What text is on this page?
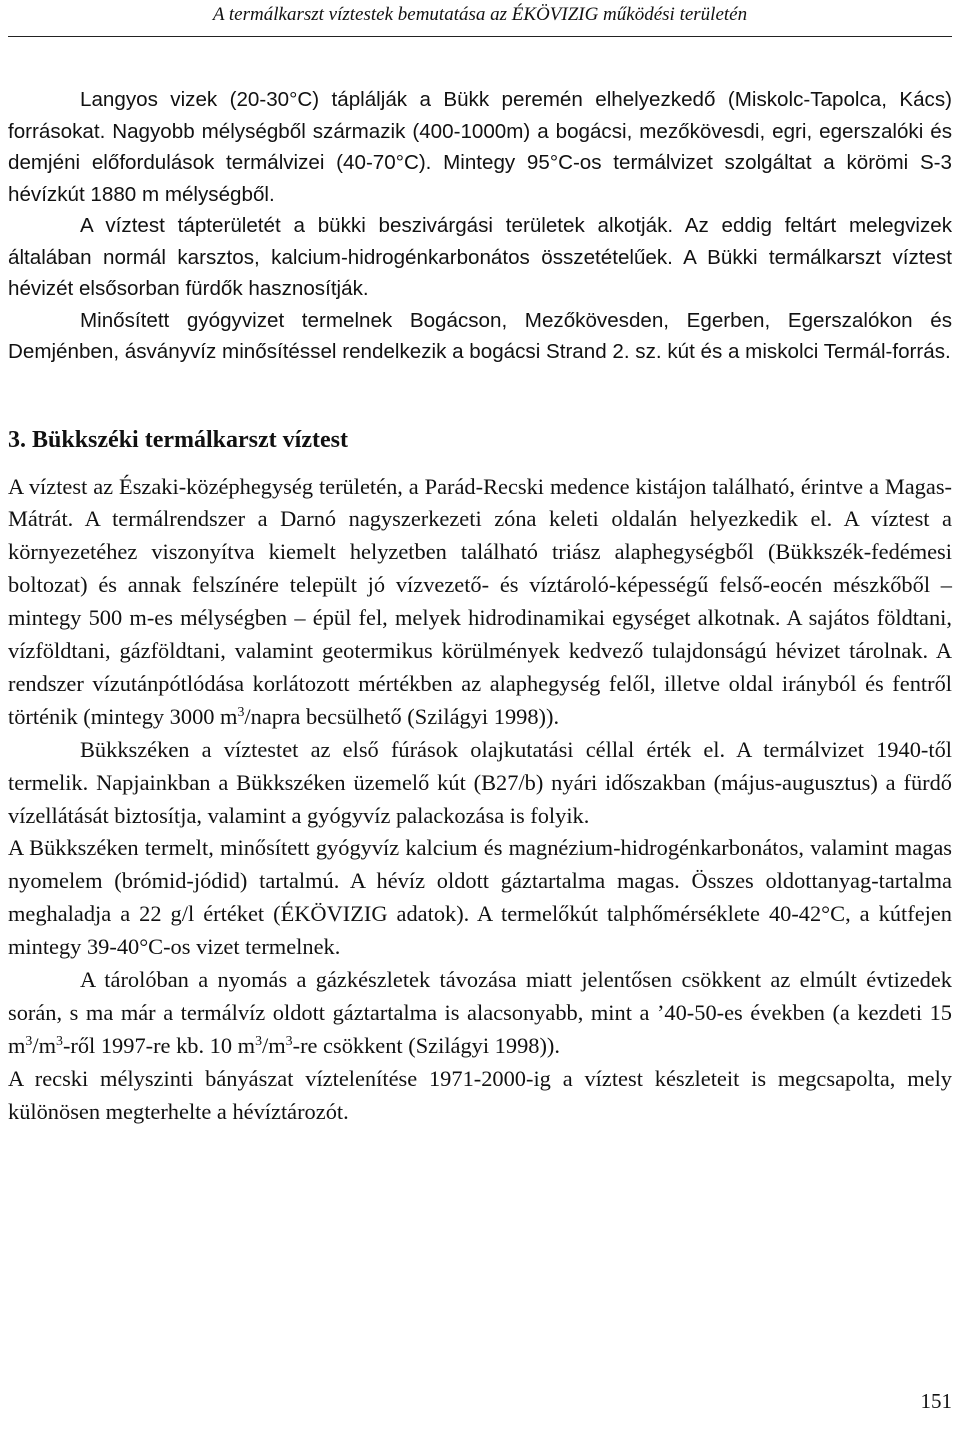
A termálkarszt víztestek bemutatása az ÉKÖVIZIG működési területén

Langyos vizek (20-30°C) táplálják a Bükk peremén elhelyezkedő (Miskolc-Tapolca, Kács) forrásokat. Nagyobb mélységből származik (400-1000m) a bogácsi, mezőkövesdi, egri, egerszalóki és demjéni előfordulások termálvizei (40-70°C). Mintegy 95°C-os termálvizet szolgáltat a körömi S-3 hévízkút 1880 m mélységből.

A víztest tápterületét a bükki beszivárgási területek alkotják. Az eddig feltárt melegvizek általában normál karsztos, kalcium-hidrogénkarbonátos összetételűek. A Bükki termálkarszt víztest hévizét elsősorban fürdők hasznosítják.

Minősített gyógyvizet termelnek Bogácson, Mezőkövesden, Egerben, Egerszalókon és Demjénben, ásványvíz minősítéssel rendelkezik a bogácsi Strand 2. sz. kút és a miskolci Termál-forrás.

3. Bükkszéki termálkarszt víztest

A víztest az Északi-középhegység területén, a Parád-Recski medence kistájon található, érintve a Magas-Mátrát. A termálrendszer a Darnó nagyszerkezeti zóna keleti oldalán helyezkedik el. A víztest a környezetéhez viszonyítva kiemelt helyzetben található triász alaphegységből (Bükkszék-fedémesi boltozat) és annak felszínére települt jó vízvezető- és víztároló-képességű felső-eocén mészkőből – mintegy 500 m-es mélységben – épül fel, melyek hidrodinamikai egységet alkotnak. A sajátos földtani, vízföldtani, gázföldtani, valamint geotermikus körülmények kedvező tulajdonságú hévizet tárolnak. A rendszer vízutánpótlódása korlátozott mértékben az alaphegység felől, illetve oldal irányból és fentről történik (mintegy 3000 $m^3$/napra becsülhető (Szilágyi 1998)).

Bükkszéken a víztestet az első fúrások olajkutatási céllal érték el. A termálvizet 1940-től termelik. Napjainkban a Bükkszéken üzemelő kút (B27/b) nyári időszakban (május-augusztus) a fürdő vízellátását biztosítja, valamint a gyógyvíz palackozása is folyik.

A Bükkszéken termelt, minősített gyógyvíz kalcium és magnézium-hidrogénkarbonátos, valamint magas nyomelem (brómid-jódid) tartalmú. A hévíz oldott gáztartalma magas. Összes oldottanyag-tartalma meghaladja a 22 g/l értéket (ÉKÖVIZIG adatok). A termelőkút talphőmérséklete 40-42°C, a kútfejen mintegy 39-40°C-os vizet termelnek.

A tárolóban a nyomás a gázkészletek távozása miatt jelentősen csökkent az elmúlt évtizedek során, s ma már a termálvíz oldott gáztartalma is alacsonyabb, mint a ’40-50-es években (a kezdeti 15 $m^3/m^3$-ről 1997-re kb. 10 $m^3/m^3-re$ csökkent (Szilágyi 1998)).

A recski mélyszinti bányászat víztelenítése 1971-2000-ig a víztest készleteit is megcsapolta, mely különösen megterhelte a hévíztározót.

151
